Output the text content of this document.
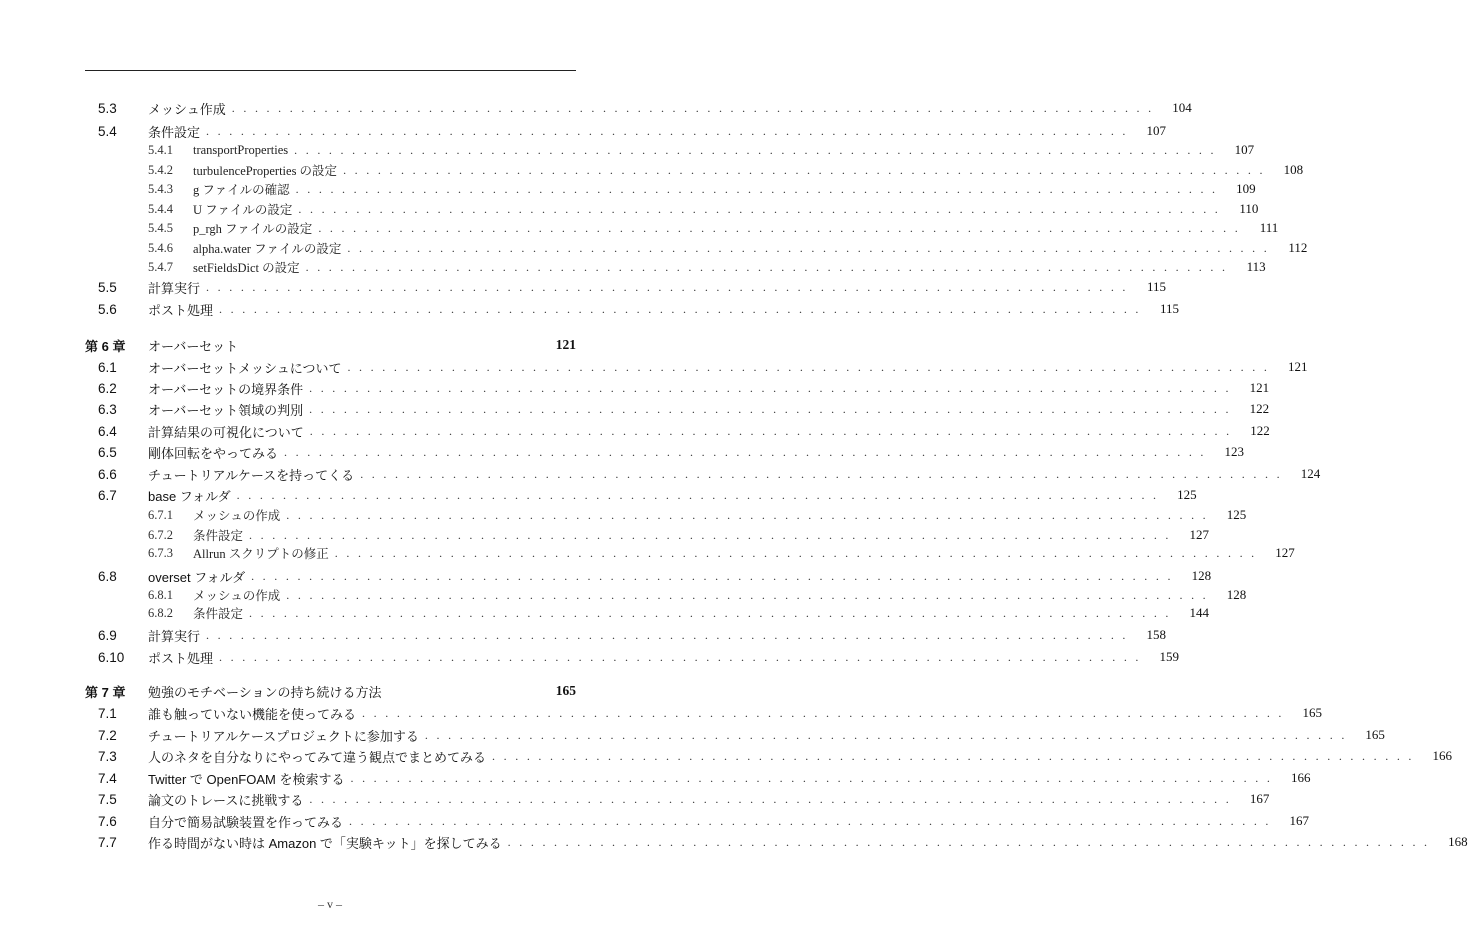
5.3	メッシュ作成 ................................................................................ 104
5.4	条件設定 ................................................................................ 107
5.4.1	transportProperties ................................................................................ 107
5.4.2	turbulenceProperties の設定 ................................................................................ 108
5.4.3	g ファイルの確認 ................................................................................ 109
5.4.4	U ファイルの設定 ................................................................................ 110
5.4.5	p_rgh ファイルの設定 ................................................................................	111
5.4.6	alpha.water ファイルの設定 ................................................................................ 112
5.4.7	setFieldsDict の設定 ................................................................................ 113
5.5	計算実行 ................................................................................ 115
5.6	ポスト処理 ................................................................................ 115
第 6 章	オーバーセット	121
6.1	オーバーセットメッシュについて ................................................................................ 121
6.2	オーバーセットの境界条件 ................................................................................ 121
6.3	オーバーセット領域の判別 ................................................................................ 122
6.4	計算結果の可視化について ................................................................................ 122
6.5	剛体回転をやってみる ................................................................................ 123
6.6	チュートリアルケースを持ってくる ................................................................................ 124
6.7	base フォルダ ................................................................................ 125
6.7.1	メッシュの作成 ................................................................................ 125
6.7.2	条件設定 ................................................................................ 127
6.7.3	Allrun スクリプトの修正 ................................................................................ 127
6.8	overset フォルダ ................................................................................ 128
6.8.1	メッシュの作成 ................................................................................ 128
6.8.2	条件設定 ................................................................................ 144
6.9	計算実行 ................................................................................ 158
6.10	ポスト処理 ................................................................................ 159
第 7 章	勉強のモチベーションの持ち続ける方法	165
7.1	誰も触っていない機能を使ってみる ................................................................................ 165
7.2	チュートリアルケースプロジェクトに参加する ................................................................................ 165
7.3	人のネタを自分なりにやってみて違う観点でまとめてみる ................................................................................ 166
7.4	Twitter で OpenFOAM を検索する ................................................................................ 166
7.5	論文のトレースに挑戦する ................................................................................ 167
7.6	自分で簡易試験装置を作ってみる ................................................................................ 167
7.7	作る時間がない時は Amazon で「実験キット」を探してみる ................................................................................ 168
– v –
